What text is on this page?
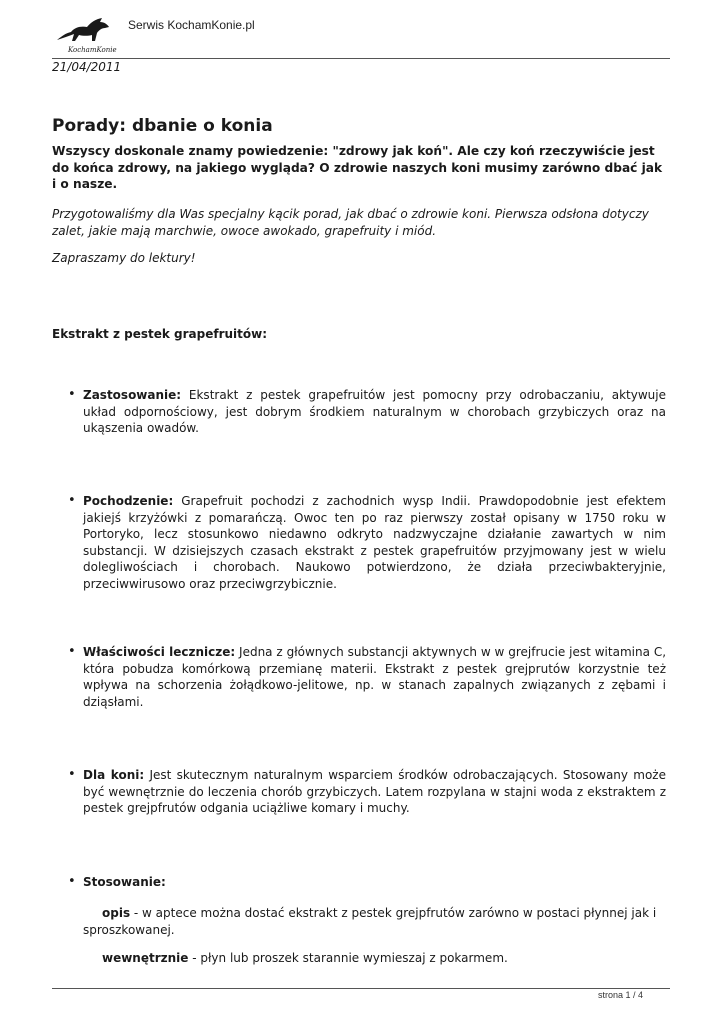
KochamKonie
Serwis KochamKonie.pl
21/04/2011
Porady: dbanie o konia

Wszyscy doskonale znamy powiedzenie: "zdrowy jak koń". Ale czy koń rzeczywiście jest do końca zdrowy, na jakiego wygląda? O zdrowie naszych koni musimy zarówno dbać jak i o nasze.

Przygotowaliśmy dla Was specjalny kącik porad, jak dbać o zdrowie koni. Pierwsza odsłona dotyczy zalet, jakie mają marchwie, owoce awokado, grapefruity i miód.

Zapraszamy do lektury!

Ekstrakt z pestek grapefruitów:

• Zastosowanie: Ekstrakt z pestek grapefruitów jest pomocny przy odrobaczaniu, aktywuje układ odpornościowy, jest dobrym środkiem naturalnym w chorobach grzybiczych oraz na ukąszenia owadów.

• Pochodzenie: Grapefruit pochodzi z zachodnich wysp Indii. Prawdopodobnie jest efektem jakiejś krzyżówki z pomarańczą. Owoc ten po raz pierwszy został opisany w 1750 roku w Portoryko, lecz stosunkowo niedawno odkryto nadzwyczajne działanie zawartych w nim substancji. W dzisiejszych czasach ekstrakt z pestek grapefruitów przyjmowany jest w wielu dolegliwościach i chorobach. Naukowo potwierdzono, że działa przeciwbakteryjnie, przeciwwirusowo oraz przeciwgrzybicznie.

• Właściwości lecznicze: Jedna z głównych substancji aktywnych w w grejfrucie jest witamina C, która pobudza komórkową przemianę materii. Ekstrakt z pestek grejprutów korzystnie też wpływa na schorzenia żołądkowo-jelitowe, np. w stanach zapalnych związanych z zębami i dziąsłami.

• Dla koni: Jest skutecznym naturalnym wsparciem środków odrobaczających. Stosowany może być wewnętrznie do leczenia chorób grzybiczych. Latem rozpylana w stajni woda z ekstraktem z pestek grejpfrutów odgania uciążliwe komary i muchy.

• Stosowanie:

opis - w aptece można dostać ekstrakt z pestek grejpfrutów zarówno w postaci płynnej jak i sproszkowanej.

wewnętrznie - płyn lub proszek starannie wymieszaj z pokarmem.

strona 1 / 4
